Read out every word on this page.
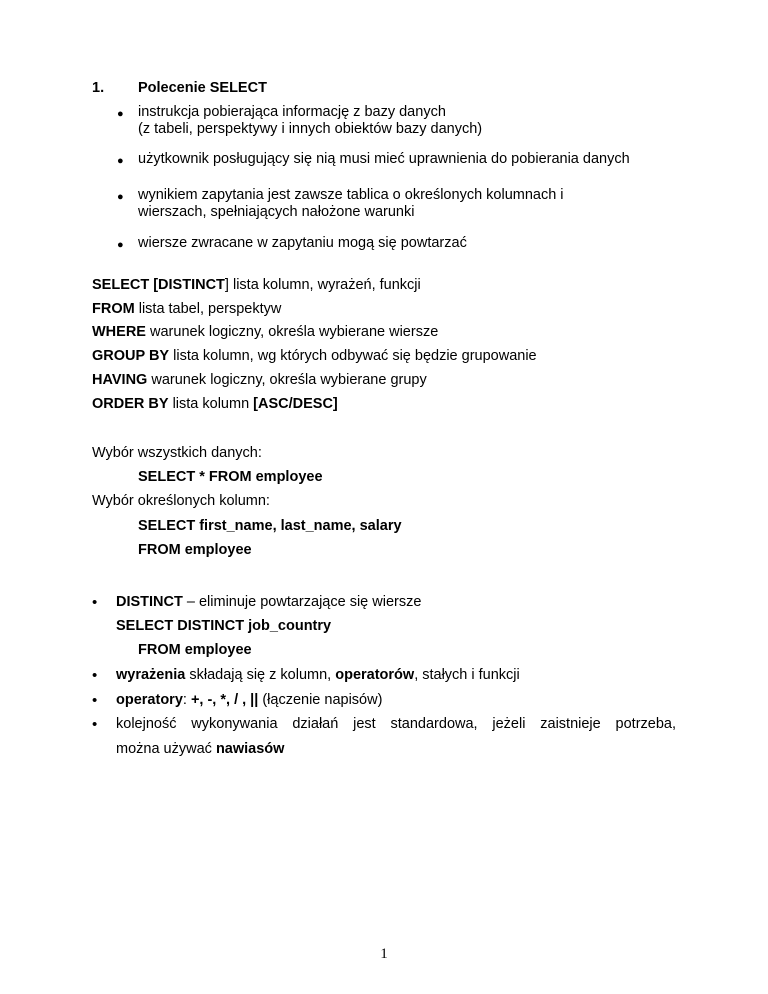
1. Polecenie SELECT
● instrukcja pobierająca informację z bazy danych
(z tabeli, perspektywy i innych obiektów bazy danych)
● użytkownik posługujący się nią musi mieć uprawnienia do pobierania danych
● wynikiem zapytania jest zawsze tablica o określonych kolumnach i
wierszach, spełniających nałożone warunki
● wiersze zwracane w zapytaniu mogą się powtarzać
SELECT [DISTINCT] lista kolumn, wyrażeń, funkcji
FROM lista tabel, perspektyw
WHERE warunek logiczny, określa wybierane wiersze
GROUP BY lista kolumn, wg których odbywać się będzie grupowanie
HAVING warunek logiczny, określa wybierane grupy
ORDER BY lista kolumn [ASC/DESC]
Wybór wszystkich danych:
SELECT * FROM employee
Wybór określonych kolumn:
SELECT first_name, last_name, salary
FROM employee
• DISTINCT – eliminuje powtarzające się wiersze
SELECT DISTINCT job_country
FROM employee
• wyrażenia składają się z kolumn, operatorów, stałych i funkcji
• operatory: +, -, *, / , || (łączenie napisów)
• kolejność wykonywania działań jest standardowa, jeżeli zaistnieje potrzeba,
można używać nawiasów
1
